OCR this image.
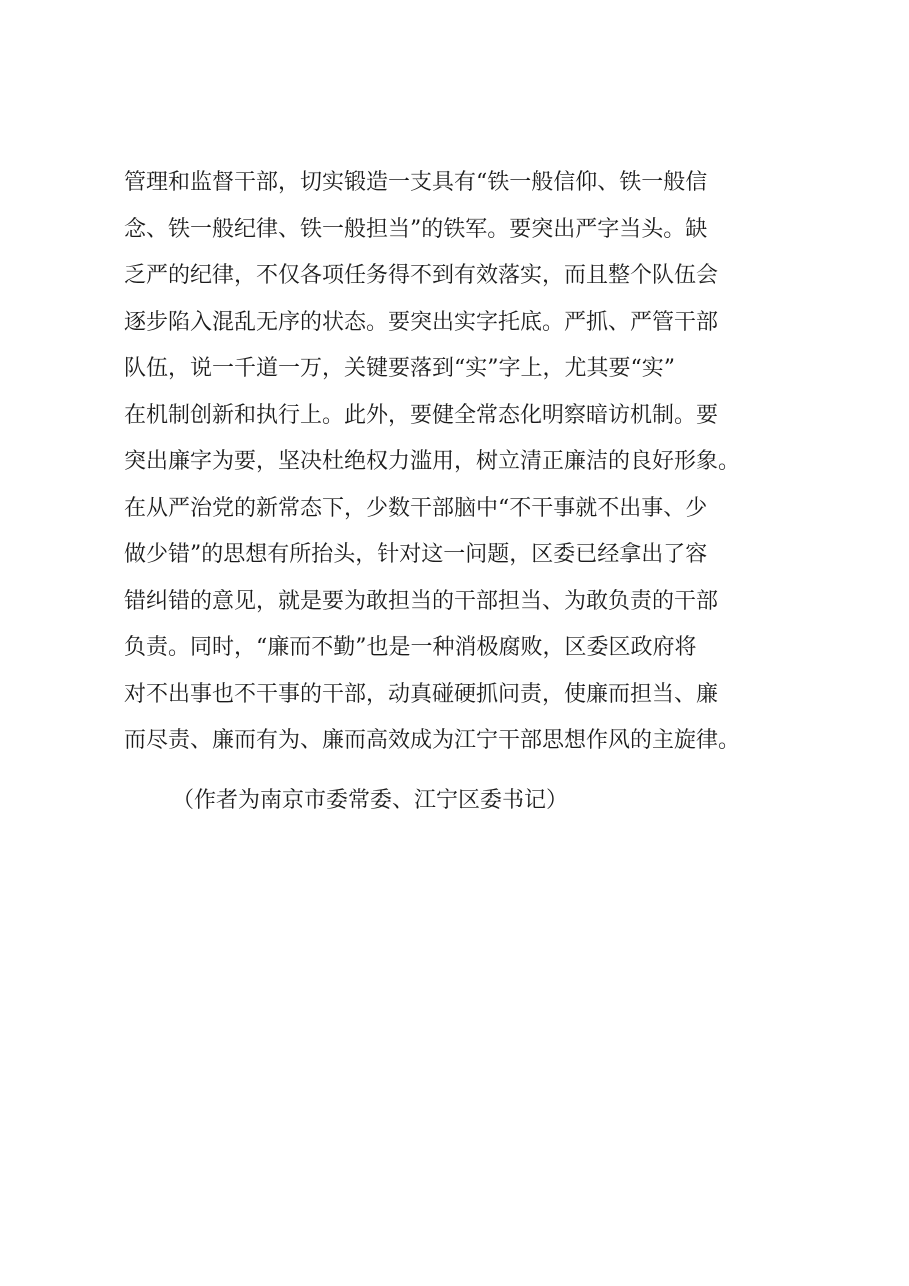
管理和监督干部，切实锻造一支具有“铁一般信仰、铁一般信
念、铁一般纪律、铁一般担当”的铁军。要突出严字当头。缺
乏严的纪律，不仅各项任务得不到有效落实，而且整个队伍会
逐步陷入混乱无序的状态。要突出实字托底。严抓、严管干部
队伍，说一千道一万，关键要落到“实”字上，尤其要“实”
在机制创新和执行上。此外，要健全常态化明察暗访机制。要
突出廉字为要，坚决杜绝权力滥用，树立清正廉洁的良好形象。
在从严治党的新常态下，少数干部脑中“不干事就不出事、少
做少错”的思想有所抬头，针对这一问题，区委已经拿出了容
错纠错的意见，就是要为敢担当的干部担当、为敢负责的干部
负责。同时，“廉而不勤”也是一种消极腐败，区委区政府将
对不出事也不干事的干部，动真碰硬抓问责，使廉而担当、廉
而尽责、廉而有为、廉而高效成为江宁干部思想作风的主旋律。
（作者为南京市委常委、江宁区委书记）
